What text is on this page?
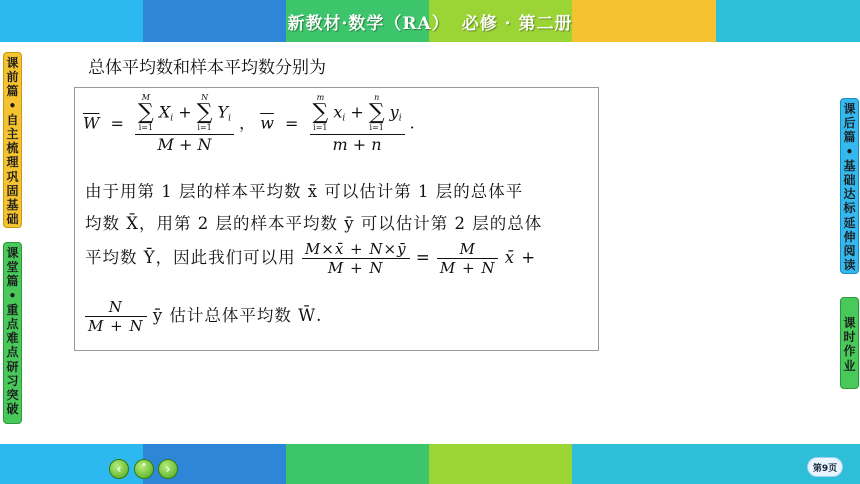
新教材·数学（RA） 必修 · 第二册
课前篇•自主梳理巩固基础
课堂篇•重点难点研习突破
课后篇•基础达标延伸阅读
课时作业
总体平均数和样本平均数分别为
$\overline{W} = M$
∑
i=1
$X_i$ +
N
∑
i=1
$Y_i$
M + N ， $\overline{w} = m$
∑
i=1
$x_i$ +
n
∑
i=1
$y_i$
m + n .
由于用第 1 层的样本平均数 x̄ 可以估计第 1 层的总体平
均数 X̄，用第 2 层的样本平均数 ȳ 可以估计第 2 层的总体
平均数 Ȳ，因此我们可以用 $\frac{M\times x̄ + N\times ȳ}{M + N} = \frac{M}{M + N}$ x̄ +
$\frac{N}{M + N}$ ȳ 估计总体平均数 W̄.
‹	˄	›	第9页
